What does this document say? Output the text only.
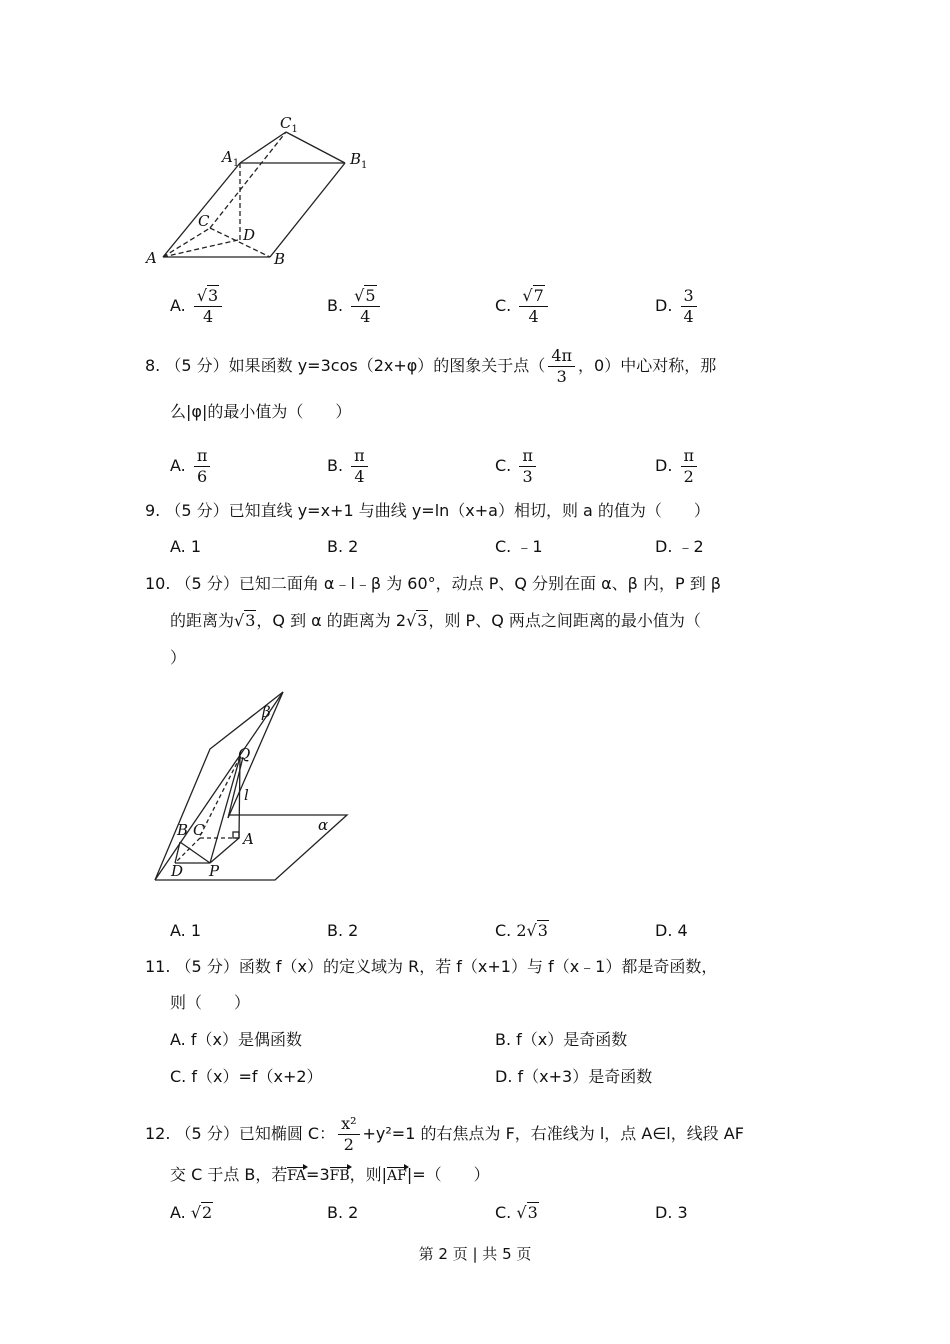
A	B
C
D
$A_1$	$B_1$
$C_1$
A. $\frac{√3}{4}$	B. $\frac{√5}{4}$	C. $\frac{√7}{4}$	D. $\frac{3}{4}$
8. （5 分）如果函数 y=3cos（2x+φ）的图象关于点（ $\frac{4\pi}{3}$ ，0）中心对称，那
么|φ|的最小值为（　　）
A. $\frac{\pi}{6}$	B. $\frac{\pi}{4}$	C. $\frac{\pi}{3}$	D. $\frac{\pi}{2}$
9. （5 分）已知直线 y=x+1 与曲线 y=ln（x+a）相切，则 a 的值为（　　）
A. 1	B. 2	C. ﹣1	D. ﹣2
10. （5 分）已知二面角 α﹣l﹣β 为 60°，动点 P、Q 分别在面 α、β 内，P 到 β
的距离为√3，Q 到 α 的距离为 2√3，则 P、Q 两点之间距离的最小值为（
）
β
Q
l
α
B C	A
D P
A. 1	B. 2	C. 2√3	D. 4
11. （5 分）函数 f（x）的定义域为 R，若 f（x+1）与 f（x﹣1）都是奇函数，
则（　　）
A. f（x）是偶函数	B. f（x）是奇函数
C. f（x）=f（x+2）	D. f（x+3）是奇函数
12. （5 分）已知椭圆 C： $\frac{\text{x²}}{2} +y^2=1$ 的右焦点为 F，右准线为 l，点 A∈l，线段 AF
交 C 于点 B，若FA=3FB，则|AF|=（　　）
A. √2	B. 2	C. √3	D. 3
第 2 页 | 共 5 页
